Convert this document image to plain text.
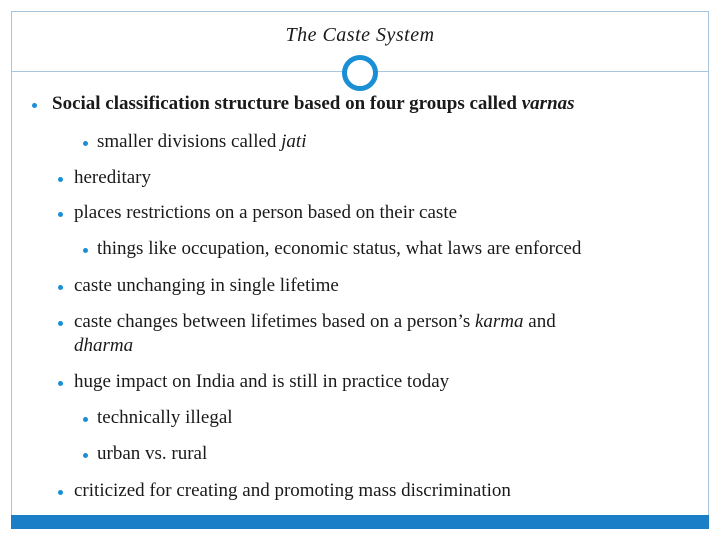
The Caste System
Social classification structure based on four groups called varnas
smaller divisions called jati
hereditary
places restrictions on a person based on their caste
things like occupation, economic status, what laws are enforced
caste unchanging in single lifetime
caste changes between lifetimes based on a person’s karma and
dharma
huge impact on India and is still in practice today
technically illegal
urban vs. rural
criticized for creating and promoting mass discrimination
